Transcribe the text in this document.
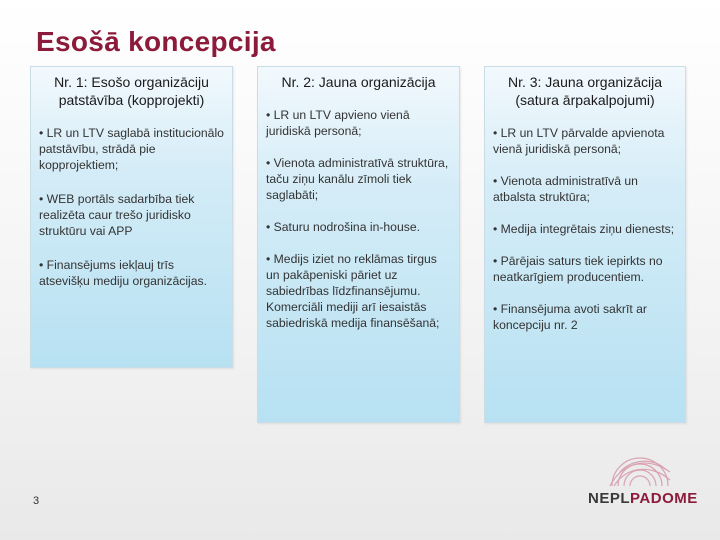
Esošā koncepcija
Nr. 1: Esošo organizāciju patstāvība (kopprojekti)
• LR un LTV saglabā institucionālo patstāvību, strādā pie kopprojektiem;
• WEB portāls sadarbība tiek realizēta caur trešo juridisko struktūru vai APP
• Finansējums iekļauj trīs atsevišķu mediju organizācijas.
Nr. 2: Jauna organizācija
• LR un LTV apvieno vienā juridiskā personā;
• Vienota administratīvā struktūra, taču ziņu kanālu zīmoli tiek saglabāti;
• Saturu nodrošina in-house.
• Medijs iziet no reklāmas tirgus un pakāpeniski pāriet uz sabiedrības līdzfinansējumu. Komerciāli mediji arī iesaistās sabiedriskā medija finansēšanā;
Nr. 3: Jauna organizācija (satura ārpakalpojumi)
• LR un LTV pārvalde apvienota vienā juridiskā personā;
• Vienota administratīvā un atbalsta struktūra;
• Medija integrētais ziņu dienests;
• Pārējais saturs tiek iepirkts no neatkarīgiem producentiem.
• Finansējuma avoti sakrīt ar koncepciju nr. 2
3	NEPLPADOME
